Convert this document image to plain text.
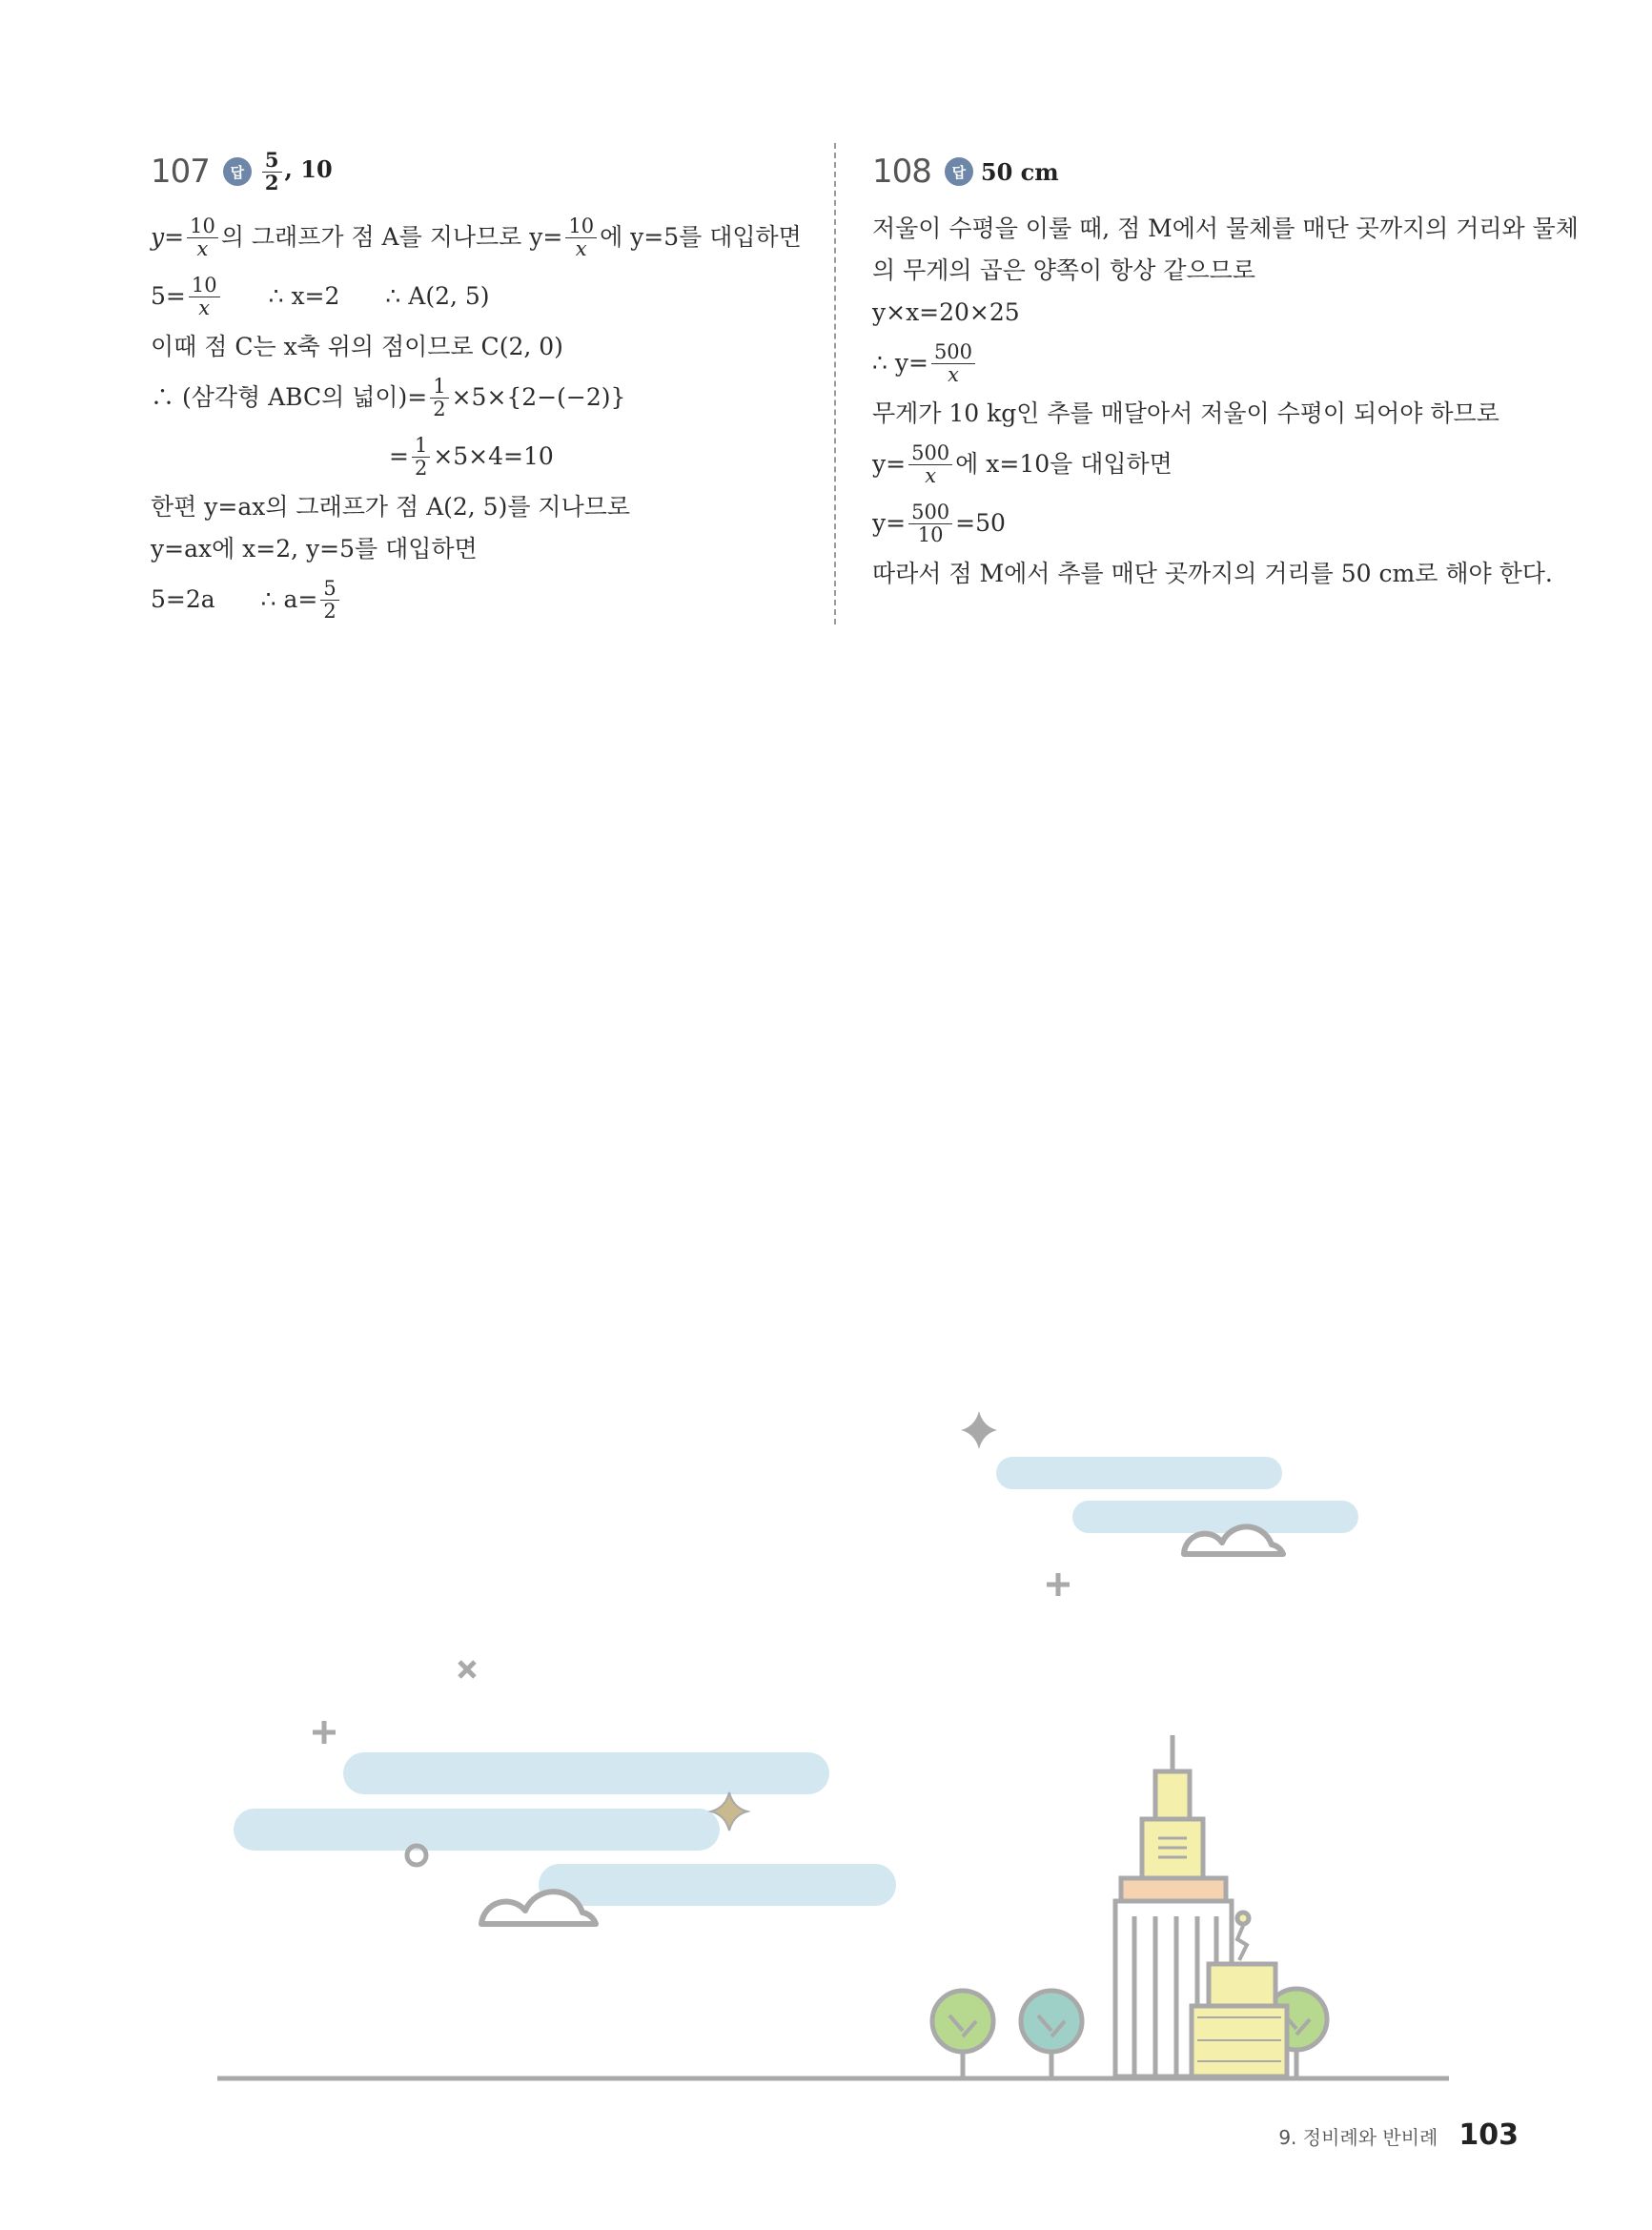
107	답 $\frac{5}{2}$ , 10
$y= \frac{10}{x}$ 의 그래프가 점 A를 지나므로 $y= \frac{10}{x}$ 에 y=5를 대입하면
$5= \frac{10}{x}$ ∴ x=2 ∴ A(2, 5)
이때 점 C는 x축 위의 점이므로 C(2, 0)
∴ (삼각형 ABC의 넓이)= $\frac{1}{2} \times 5\times\{2-(-2)\}$
= $\frac{1}{2} \times 5\times 4=10$
한편 y=ax의 그래프가 점 A(2, 5)를 지나므로
y=ax에 x=2, y=5를 대입하면
5=2a ∴ $a= \frac{5}{2}$
108	답 50 cm
저울이 수평을 이룰 때, 점 M에서 물체를 매단 곳까지의 거리와 물체
의 무게의 곱은 양쪽이 항상 같으므로
y×x=20×25
∴ $y= \frac{500}{x}$
무게가 10 kg인 추를 매달아서 저울이 수평이 되어야 하므로
$y= \frac{500}{x}$ 에 x=10을 대입하면
$y= \frac{500}{10} =50$
따라서 점 M에서 추를 매단 곳까지의 거리를 50 cm로 해야 한다.
9. 정비례와 반비례 103
